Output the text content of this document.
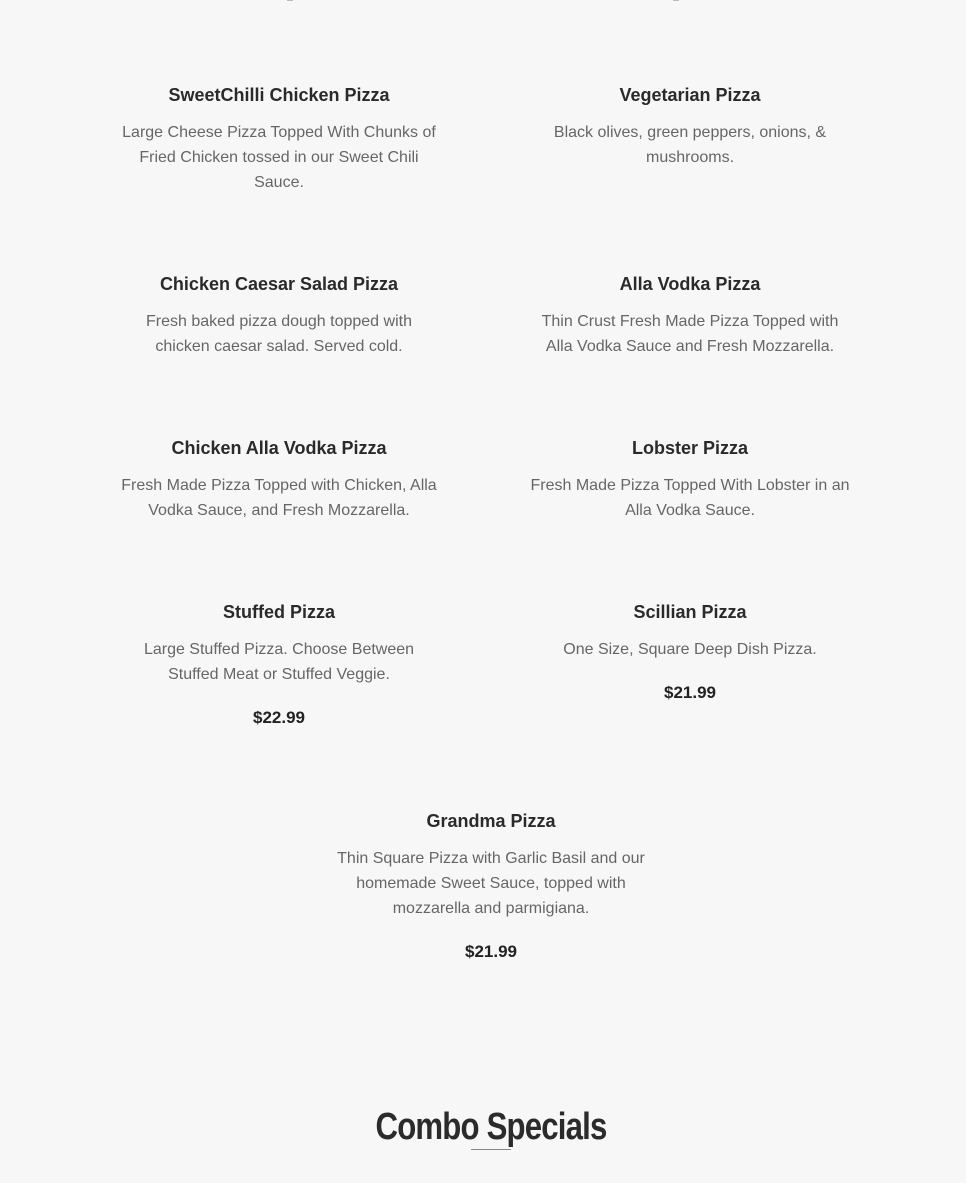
SweetChilli Chicken Pizza

Large Cheese Pizza Topped With Chunks of Fried Chicken tossed in our Sweet Chili Sauce.

Vegetarian Pizza

Black olives, green peppers, onions, & mushrooms.

Chicken Caesar Salad Pizza

Fresh baked pizza dough topped with chicken caesar salad. Served cold.

Alla Vodka Pizza

Thin Crust Fresh Made Pizza Topped with Alla Vodka Sauce and Fresh Mozzarella.

Chicken Alla Vodka Pizza

Fresh Made Pizza Topped with Chicken, Alla Vodka Sauce, and Fresh Mozzarella.

Lobster Pizza

Fresh Made Pizza Topped With Lobster in an Alla Vodka Sauce.

Stuffed Pizza

Large Stuffed Pizza. Choose Between Stuffed Meat or Stuffed Veggie.

$22.99

Scillian Pizza

One Size, Square Deep Dish Pizza.

$21.99

Grandma Pizza

Thin Square Pizza with Garlic Basil and our homemade Sweet Sauce, topped with mozzarella and parmigiana.

$21.99

Combo Specials
